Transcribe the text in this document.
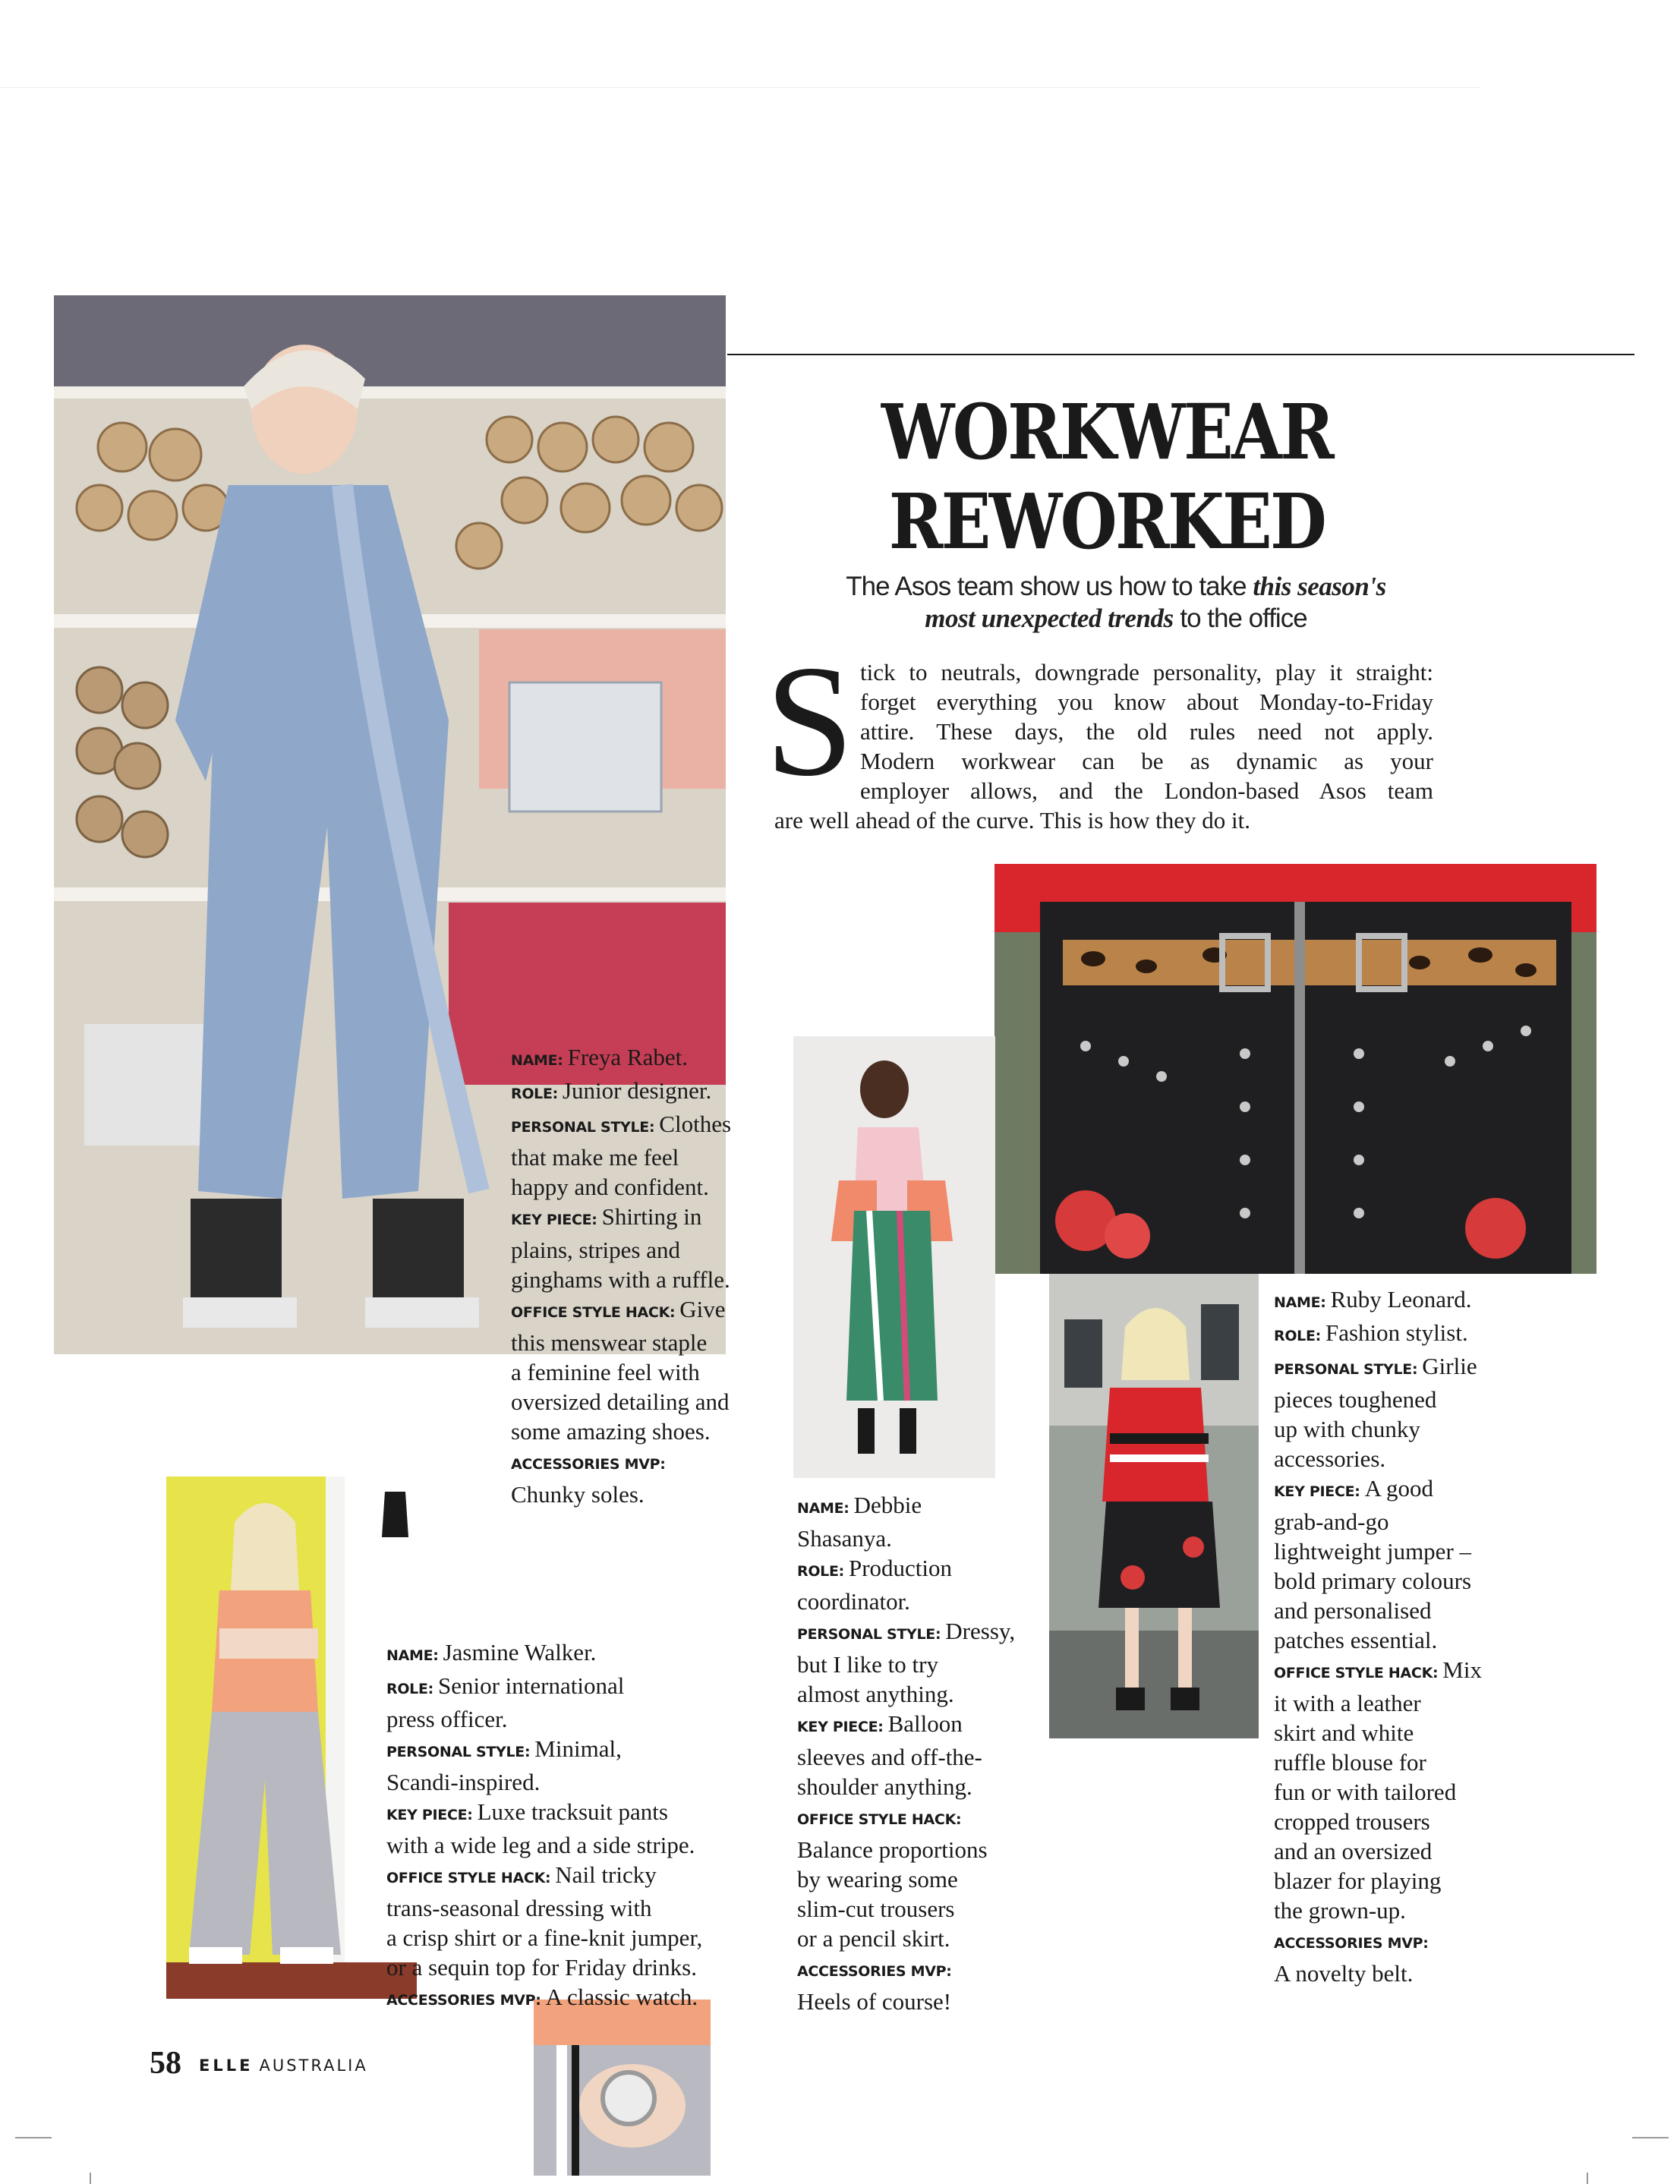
WORKWEAR
REWORKED
The Asos team show us how to take this season's
most unexpected trends to the office
S tick to neutrals, downgrade personality, play it straight:
forget everything you know about Monday-to-Friday
attire. These days, the old rules need not apply.
Modern workwear can be as dynamic as your
employer allows, and the London-based Asos team
are well ahead of the curve. This is how they do it.
NAME: Freya Rabet.
ROLE: Junior designer.
PERSONAL STYLE: Clothes
that make me feel
happy and confident.
KEY PIECE: Shirting in
plains, stripes and
ginghams with a ruffle.
OFFICE STYLE HACK: Give
this menswear staple
a feminine feel with
oversized detailing and
some amazing shoes.
ACCESSORIES MVP:
Chunky soles.
NAME: Debbie
Shasanya.
ROLE: Production
coordinator.
PERSONAL STYLE: Dressy,
but I like to try
almost anything.
KEY PIECE: Balloon
sleeves and off-the-
shoulder anything.
OFFICE STYLE HACK:
Balance proportions
by wearing some
slim-cut trousers
or a pencil skirt.
ACCESSORIES MVP:
Heels of course!
NAME: Ruby Leonard.
ROLE: Fashion stylist.
PERSONAL STYLE: Girlie
pieces toughened
up with chunky
accessories.
KEY PIECE: A good
grab-and-go
lightweight jumper –
bold primary colours
and personalised
patches essential.
OFFICE STYLE HACK: Mix
it with a leather
skirt and white
ruffle blouse for
fun or with tailored
cropped trousers
and an oversized
blazer for playing
the grown-up.
ACCESSORIES MVP:
A novelty belt.
NAME: Jasmine Walker.
ROLE: Senior international
press officer.
PERSONAL STYLE: Minimal,
Scandi-inspired.
KEY PIECE: Luxe tracksuit pants
with a wide leg and a side stripe.
OFFICE STYLE HACK: Nail tricky
trans-seasonal dressing with
a crisp shirt or a fine-knit jumper,
or a sequin top for Friday drinks.
ACCESSORIES MVP: A classic watch.
58 ELLE AUSTRALIA
